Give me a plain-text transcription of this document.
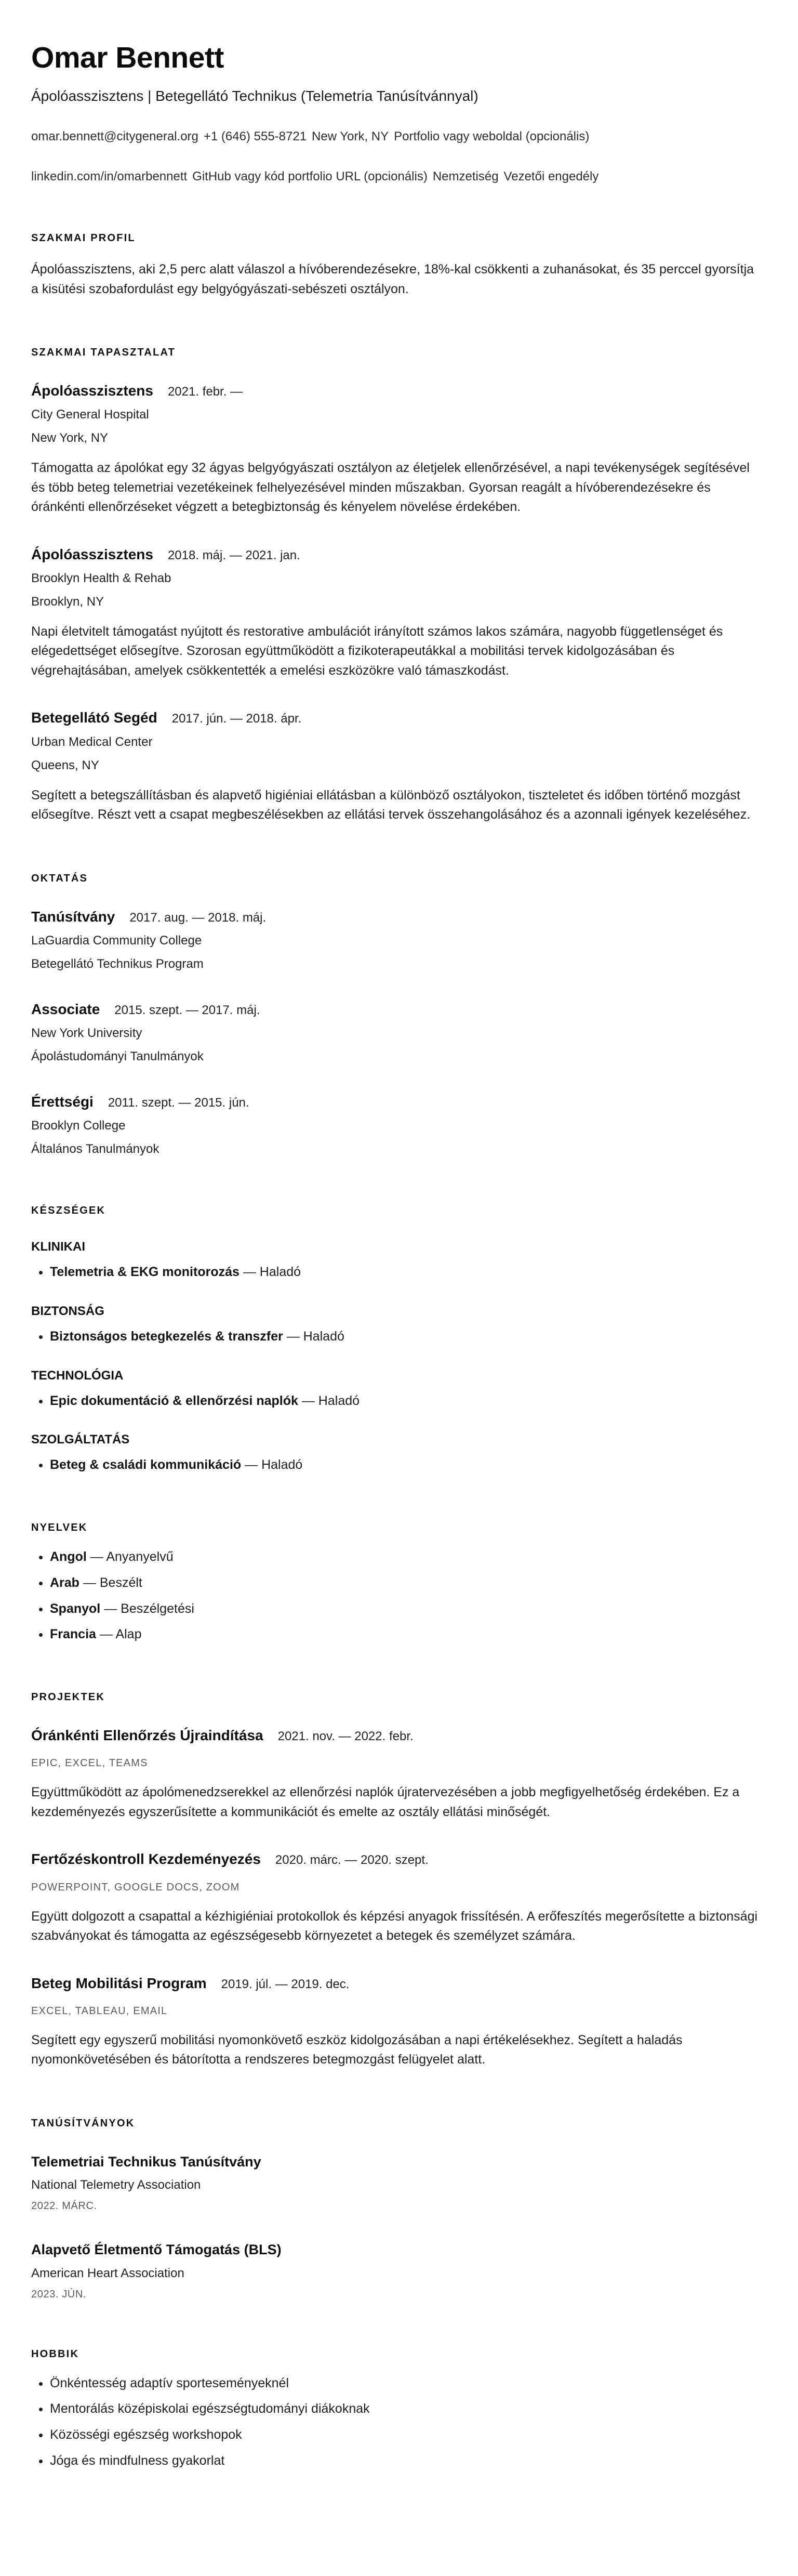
Omar Bennett
Ápolóasszisztens | Betegellátó Technikus (Telemetria Tanúsítvánnyal)
omar.bennett@citygeneral.org +1 (646) 555-8721 New York, NY Portfolio vagy weboldal (opcionális)
linkedin.com/in/omarbennett GitHub vagy kód portfolio URL (opcionális) Nemzetiség Vezetői engedély
SZAKMAI PROFIL

Ápolóasszisztens, aki 2,5 perc alatt válaszol a hívóberendezésekre, 18%-kal csökkenti a zuhanásokat, és 35 perccel gyorsítja a kisütési szobafordulást egy belgyógyászati-sebészeti osztályon.

SZAKMAI TAPASZTALAT
Ápolóasszisztens 2021. febr. —
City General Hospital
New York, NY

Támogatta az ápolókat egy 32 ágyas belgyógyászati osztályon az életjelek ellenőrzésével, a napi tevékenységek segítésével és több beteg telemetriai vezetékeinek felhelyezésével minden műszakban. Gyorsan reagált a hívóberendezésekre és óránkénti ellenőrzéseket végzett a betegbiztonság és kényelem növelése érdekében.

Ápolóasszisztens 2018. máj. — 2021. jan.
Brooklyn Health & Rehab
Brooklyn, NY

Napi életvitelt támogatást nyújtott és restorative ambulációt irányított számos lakos számára, nagyobb függetlenséget és elégedettséget elősegítve. Szorosan együttműködött a fizikoterapeutákkal a mobilitási tervek kidolgozásában és végrehajtásában, amelyek csökkentették a emelési eszközökre való támaszkodást.

Betegellátó Segéd 2017. jún. — 2018. ápr.
Urban Medical Center
Queens, NY

Segített a betegszállításban és alapvető higiéniai ellátásban a különböző osztályokon, tiszteletet és időben történő mozgást elősegítve. Részt vett a csapat megbeszélésekben az ellátási tervek összehangolásához és a azonnali igények kezeléséhez.

OKTATÁS
Tanúsítvány 2017. aug. — 2018. máj.
LaGuardia Community College
Betegellátó Technikus Program
Associate 2015. szept. — 2017. máj.
New York University
Ápolástudományi Tanulmányok
Érettségi 2011. szept. — 2015. jún.
Brooklyn College
Általános Tanulmányok
KÉSZSÉGEK
KLINIKAI
• Telemetria & EKG monitorozás — Haladó
BIZTONSÁG
• Biztonságos betegkezelés & transzfer — Haladó
TECHNOLÓGIA
• Epic dokumentáció & ellenőrzési naplók — Haladó
SZOLGÁLTATÁS
• Beteg & családi kommunikáció — Haladó
NYELVEK
• Angol — Anyanyelvű
• Arab — Beszélt
• Spanyol — Beszélgetési
• Francia — Alap
PROJEKTEK
Óránkénti Ellenőrzés Újraindítása 2021. nov. — 2022. febr.
EPIC, EXCEL, TEAMS

Együttműködött az ápolómenedzserekkel az ellenőrzési naplók újratervezésében a jobb megfigyelhetőség érdekében. Ez a kezdeményezés egyszerűsítette a kommunikációt és emelte az osztály ellátási minőségét.

Fertőzéskontroll Kezdeményezés 2020. márc. — 2020. szept.
POWERPOINT, GOOGLE DOCS, ZOOM

Együtt dolgozott a csapattal a kézhigiéniai protokollok és képzési anyagok frissítésén. A erőfeszítés megerősítette a biztonsági szabványokat és támogatta az egészségesebb környezetet a betegek és személyzet számára.

Beteg Mobilitási Program 2019. júl. — 2019. dec.
EXCEL, TABLEAU, EMAIL

Segített egy egyszerű mobilitási nyomonkövető eszköz kidolgozásában a napi értékelésekhez. Segített a haladás nyomonkövetésében és bátorította a rendszeres betegmozgást felügyelet alatt.

TANÚSÍTVÁNYOK
Telemetriai Technikus Tanúsítvány
National Telemetry Association
2022. MÁRC.
Alapvető Életmentő Támogatás (BLS)
American Heart Association
2023. JÚN.
HOBBIK
• Önkéntesség adaptív sporteseményeknél
• Mentorálás középiskolai egészségtudományi diákoknak
• Közösségi egészség workshopok
• Jóga és mindfulness gyakorlat
